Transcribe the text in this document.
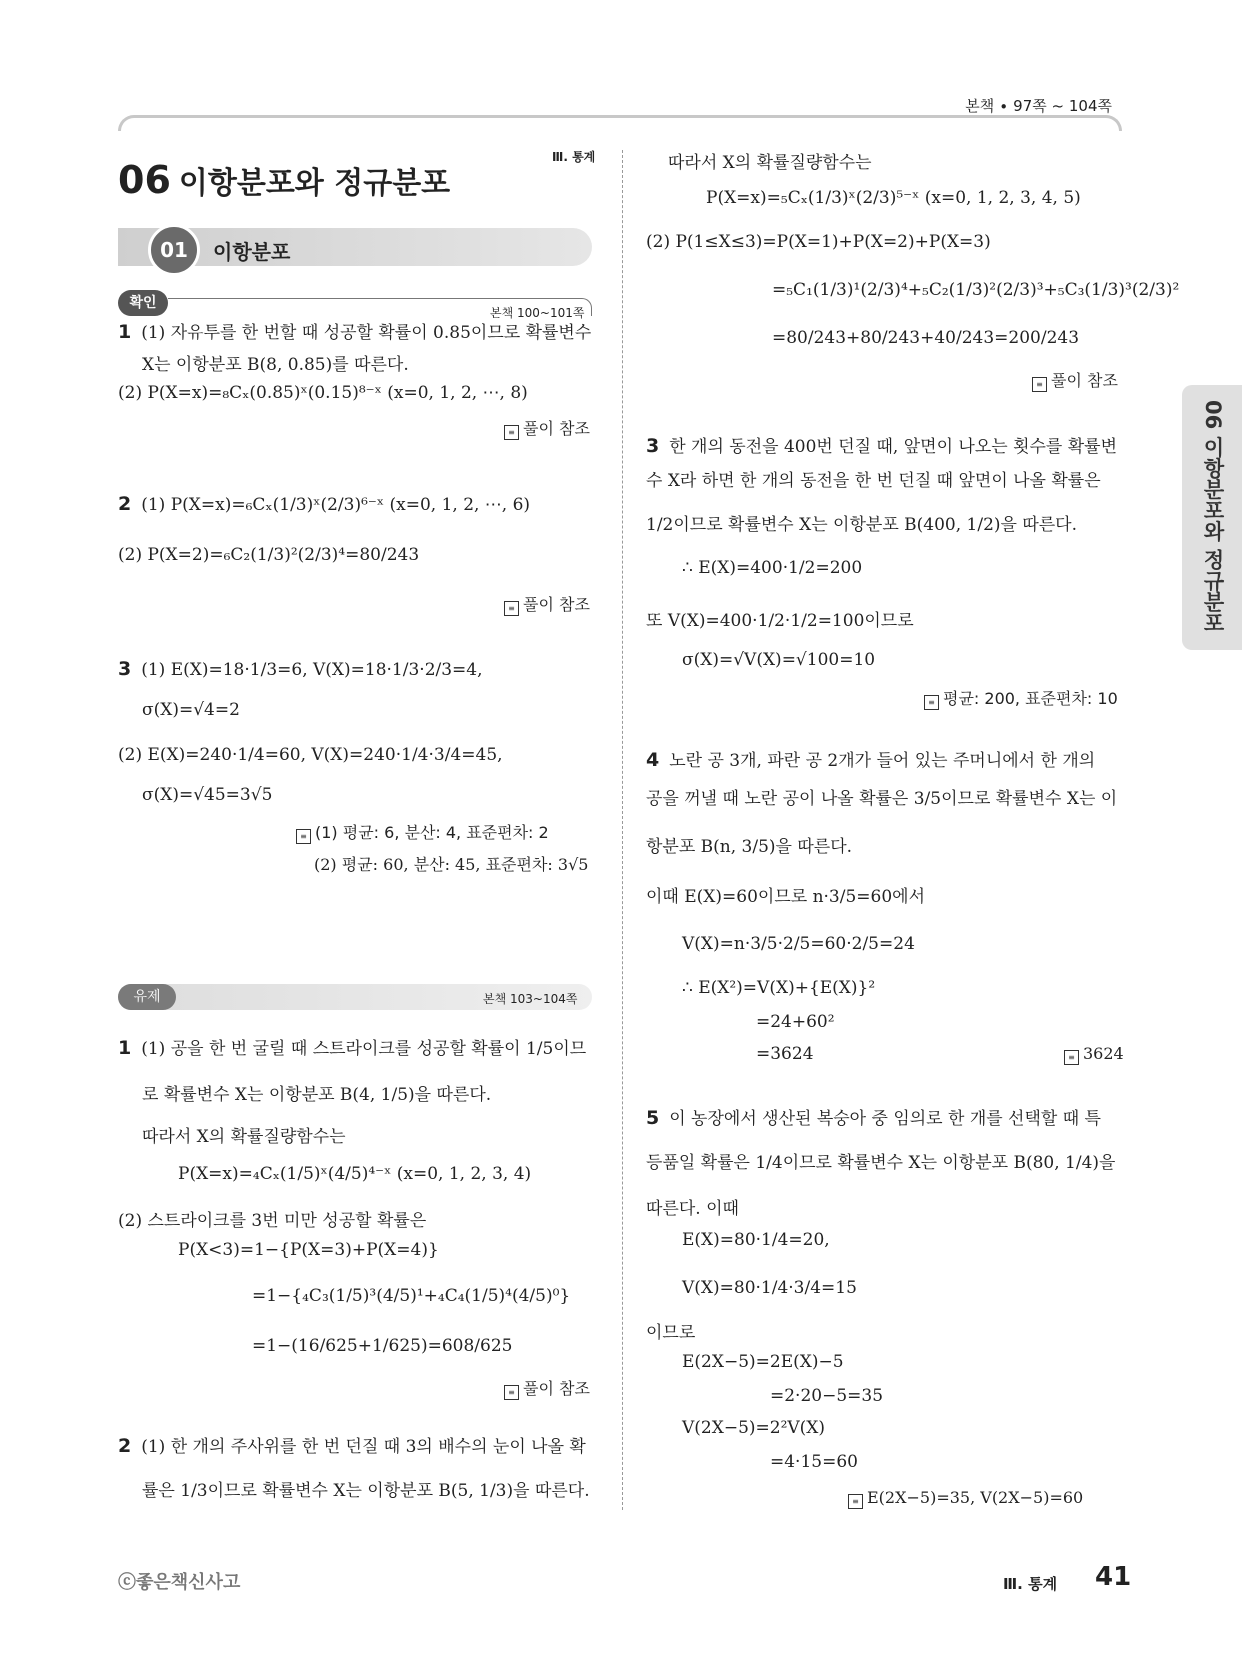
본책 ∙ 97쪽 ~ 104쪽
06 이항분포와 정규분포
Ⅲ. 통계
01	이항분포
확인
본책 100~101쪽
1 (1) 자유투를 한 번할 때 성공할 확률이 0.85이므로 확률변수
X는 이항분포 B(8, 0.85)를 따른다.
(2) P(X=x)=₈Cₓ(0.85)ˣ(0.15)⁸⁻ˣ (x=0, 1, 2, ⋯, 8)
≡ 풀이 참조
2 (1) P(X=x)=₆Cₓ(1/3)ˣ(2/3)⁶⁻ˣ (x=0, 1, 2, ⋯, 6)
(2) P(X=2)=₆C₂(1/3)²(2/3)⁴=80/243
≡ 풀이 참조
3 (1) E(X)=18·1/3=6, V(X)=18·1/3·2/3=4,
σ(X)=√4=2
(2) E(X)=240·1/4=60, V(X)=240·1/4·3/4=45,
σ(X)=√45=3√5
≡ (1) 평균: 6, 분산: 4, 표준편차: 2
(2) 평균: 60, 분산: 45, 표준편차: 3√5
유제	본책 103~104쪽
1 (1) 공을 한 번 굴릴 때 스트라이크를 성공할 확률이 1/5이므
로 확률변수 X는 이항분포 B(4, 1/5)을 따른다.
따라서 X의 확률질량함수는
P(X=x)=₄Cₓ(1/5)ˣ(4/5)⁴⁻ˣ (x=0, 1, 2, 3, 4)
(2) 스트라이크를 3번 미만 성공할 확률은
P(X<3)=1−{P(X=3)+P(X=4)}
=1−{₄C₃(1/5)³(4/5)¹+₄C₄(1/5)⁴(4/5)⁰}
=1−(16/625+1/625)=608/625
≡ 풀이 참조
2 (1) 한 개의 주사위를 한 번 던질 때 3의 배수의 눈이 나올 확
률은 1/3이므로 확률변수 X는 이항분포 B(5, 1/3)을 따른다.
따라서 X의 확률질량함수는
P(X=x)=₅Cₓ(1/3)ˣ(2/3)⁵⁻ˣ (x=0, 1, 2, 3, 4, 5)
(2) P(1≤X≤3)=P(X=1)+P(X=2)+P(X=3)
=₅C₁(1/3)¹(2/3)⁴+₅C₂(1/3)²(2/3)³+₅C₃(1/3)³(2/3)²
=80/243+80/243+40/243=200/243
≡ 풀이 참조
3 한 개의 동전을 400번 던질 때, 앞면이 나오는 횟수를 확률변
수 X라 하면 한 개의 동전을 한 번 던질 때 앞면이 나올 확률은
1/2이므로 확률변수 X는 이항분포 B(400, 1/2)을 따른다.
∴ E(X)=400·1/2=200
또 V(X)=400·1/2·1/2=100이므로
σ(X)=√V(X)=√100=10
≡ 평균: 200, 표준편차: 10
4 노란 공 3개, 파란 공 2개가 들어 있는 주머니에서 한 개의
공을 꺼낼 때 노란 공이 나올 확률은 3/5이므로 확률변수 X는 이
항분포 B(n, 3/5)을 따른다.
이때 E(X)=60이므로 n·3/5=60에서
V(X)=n·3/5·2/5=60·2/5=24
∴ E(X²)=V(X)+{E(X)}²
=24+60²
=3624	≡ 3624
5 이 농장에서 생산된 복숭아 중 임의로 한 개를 선택할 때 특
등품일 확률은 1/4이므로 확률변수 X는 이항분포 B(80, 1/4)을
따른다. 이때
E(X)=80·1/4=20,
V(X)=80·1/4·3/4=15
이므로
E(2X−5)=2E(X)−5
=2·20−5=35
V(2X−5)=2²V(X)
=4·15=60
≡ E(2X−5)=35, V(2X−5)=60
06 이항분포와 정규분포
ⓒ좋은책신사고	Ⅲ. 통계 41
